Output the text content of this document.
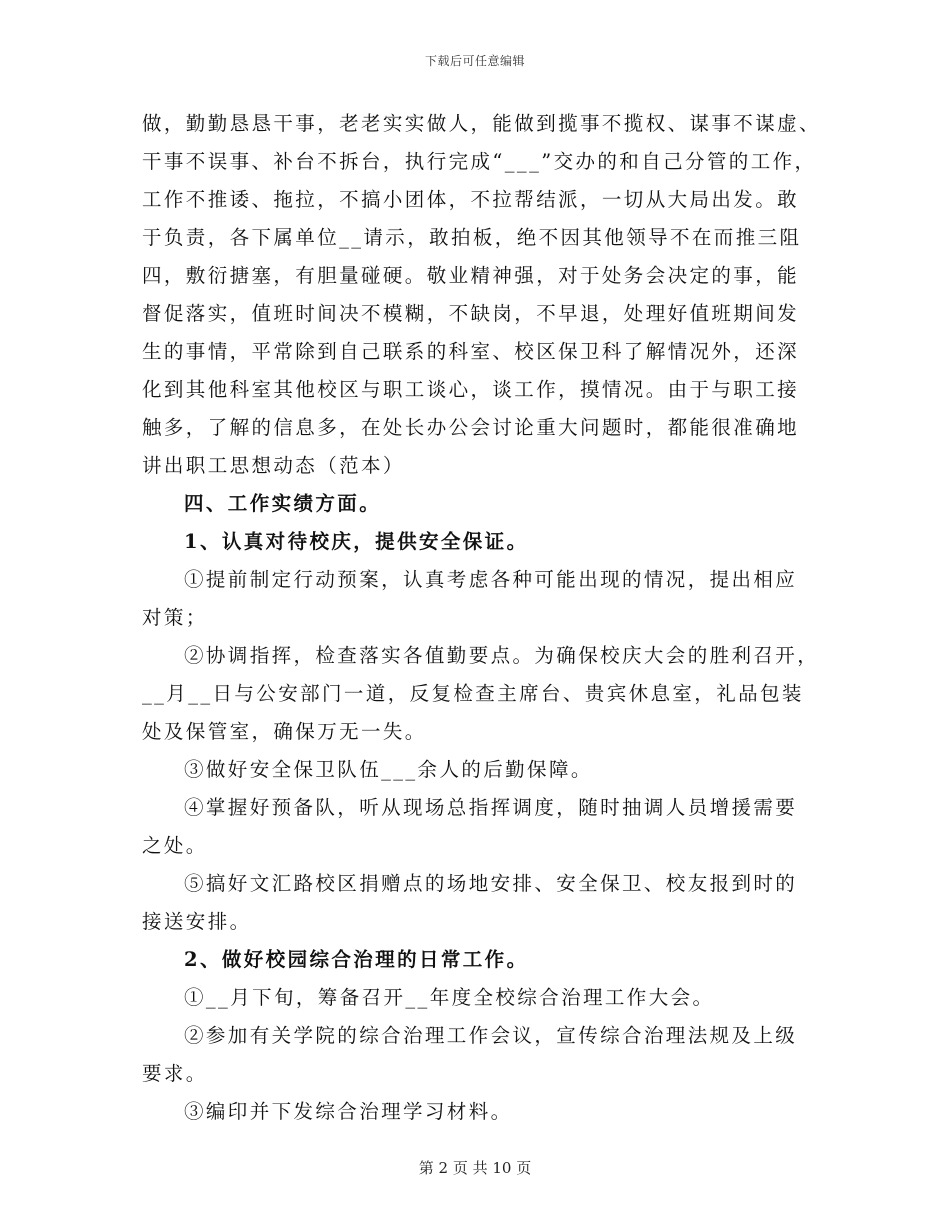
下载后可任意编辑
做，勤勤恳恳干事，老老实实做人，能做到揽事不揽权、谋事不谋虚、
干事不误事、补台不拆台，执行完成“___”交办的和自己分管的工作，
工作不推诿、拖拉，不搞小团体，不拉帮结派，一切从大局出发。敢
于负责，各下属单位__请示，敢拍板，绝不因其他领导不在而推三阻
四，敷衍搪塞，有胆量碰硬。敬业精神强，对于处务会决定的事，能
督促落实，值班时间决不模糊，不缺岗，不早退，处理好值班期间发
生的事情，平常除到自己联系的科室、校区保卫科了解情况外，还深
化到其他科室其他校区与职工谈心，谈工作，摸情况。由于与职工接
触多，了解的信息多，在处长办公会讨论重大问题时，都能很准确地
讲出职工思想动态（范本）
四、工作实绩方面。
1、认真对待校庆，提供安全保证。
①提前制定行动预案，认真考虑各种可能出现的情况，提出相应
对策；
②协调指挥，检查落实各值勤要点。为确保校庆大会的胜利召开，
__月__日与公安部门一道，反复检查主席台、贵宾休息室，礼品包装
处及保管室，确保万无一失。
③做好安全保卫队伍___余人的后勤保障。
④掌握好预备队，听从现场总指挥调度，随时抽调人员增援需要
之处。
⑤搞好文汇路校区捐赠点的场地安排、安全保卫、校友报到时的
接送安排。
2、做好校园综合治理的日常工作。
①__月下旬，筹备召开__年度全校综合治理工作大会。
②参加有关学院的综合治理工作会议，宣传综合治理法规及上级
要求。
③编印并下发综合治理学习材料。
第 2 页 共 10 页
